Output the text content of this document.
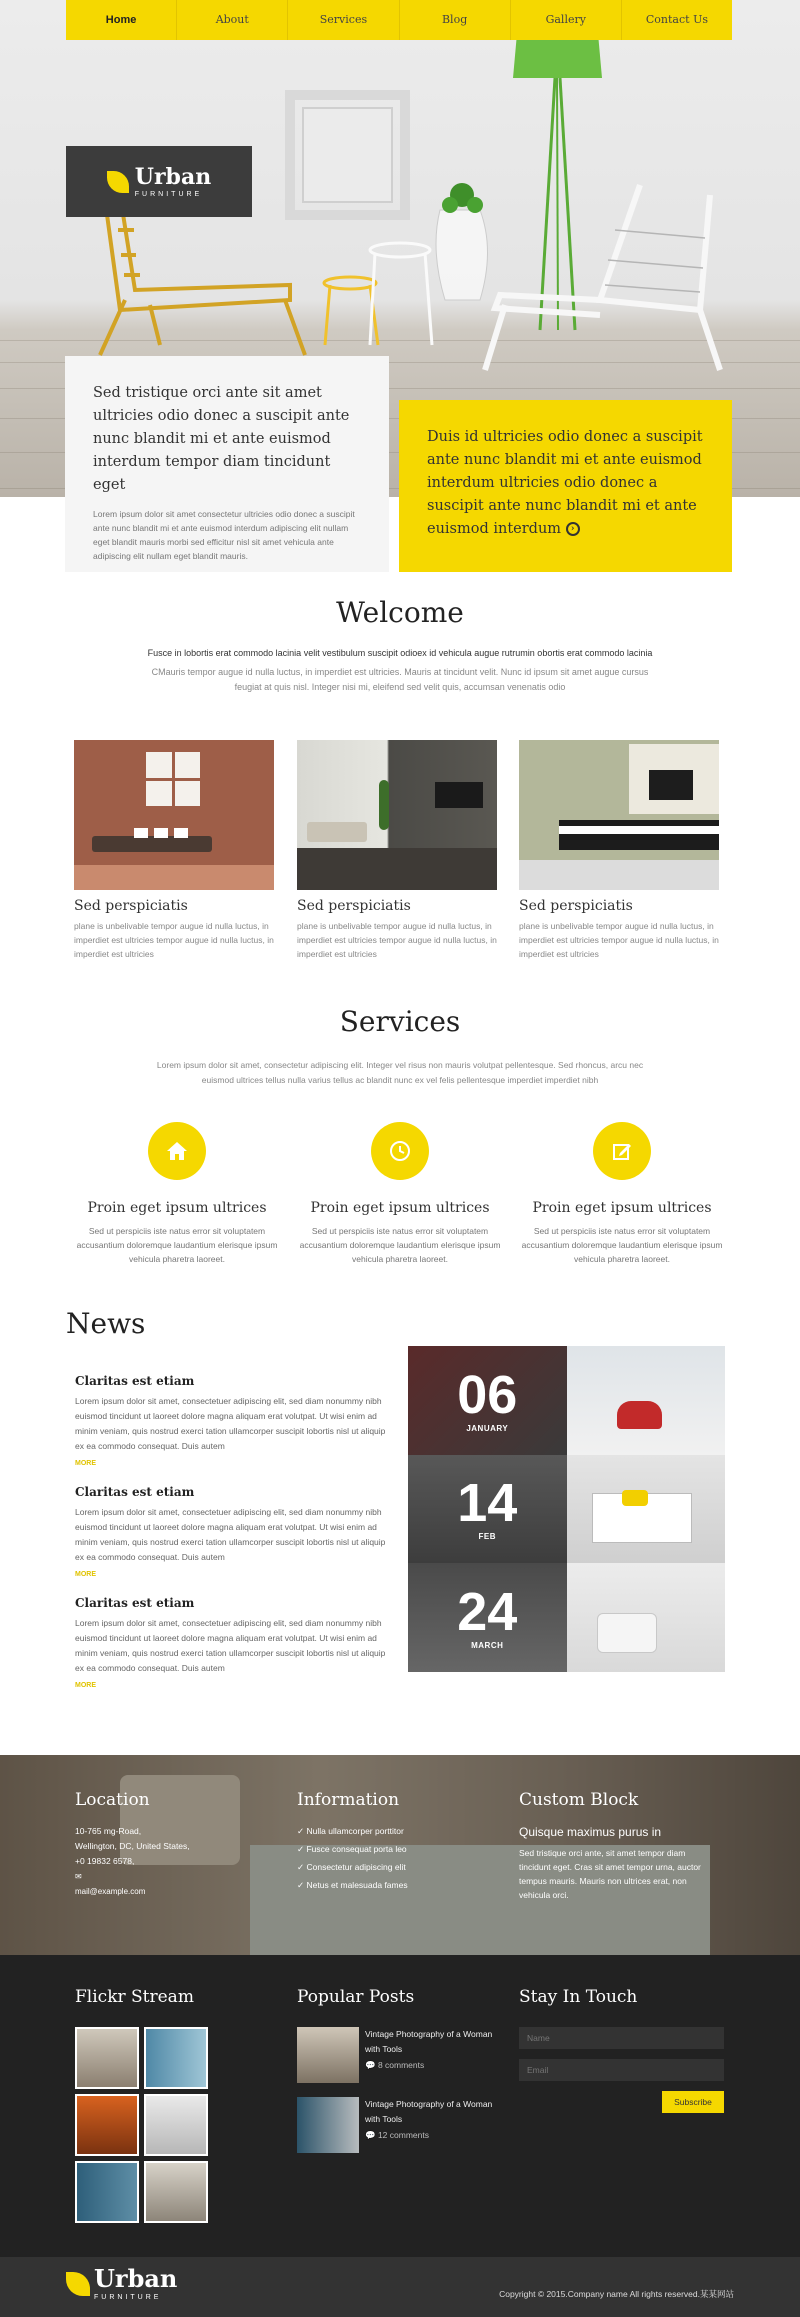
Home	About	Services	Blog	Gallery	Contact Us
Urban
FURNITURE
Sed tristique orci ante sit amet ultricies odio donec a suscipit ante nunc blandit mi et ante euismod interdum tempor diam tincidunt eget

Lorem ipsum dolor sit amet consectetur ultricies odio donec a suscipit ante nunc blandit mi et ante euismod interdum adipiscing elit nullam eget blandit mauris morbi sed efficitur nisl sit amet vehicula ante adipiscing elit nullam eget blandit mauris.

Duis id ultricies odio donec a suscipit ante nunc blandit mi et ante euismod interdum ultricies odio donec a suscipit ante nunc blandit mi et ante euismod interdum ›
Welcome

Fusce in lobortis erat commodo lacinia velit vestibulum suscipit odioex id vehicula augue rutrumin obortis erat commodo lacinia

CMauris tempor augue id nulla luctus, in imperdiet est ultricies. Mauris at tincidunt velit. Nunc id ipsum sit amet augue cursus feugiat at quis nisl. Integer nisi mi, eleifend sed velit quis, accumsan venenatis odio

Sed perspiciatis

plane is unbelivable tempor augue id nulla luctus, in imperdiet est ultricies tempor augue id nulla luctus, in imperdiet est ultricies

Sed perspiciatis

plane is unbelivable tempor augue id nulla luctus, in imperdiet est ultricies tempor augue id nulla luctus, in imperdiet est ultricies

Sed perspiciatis

plane is unbelivable tempor augue id nulla luctus, in imperdiet est ultricies tempor augue id nulla luctus, in imperdiet est ultricies

Services

Lorem ipsum dolor sit amet, consectetur adipiscing elit. Integer vel risus non mauris volutpat pellentesque. Sed rhoncus, arcu nec euismod ultrices tellus nulla varius tellus ac blandit nunc ex vel felis pellentesque imperdiet imperdiet nibh

Proin eget ipsum ultrices

Sed ut perspiciis iste natus error sit voluptatem accusantium doloremque laudantium elerisque ipsum vehicula pharetra laoreet.

Proin eget ipsum ultrices

Sed ut perspiciis iste natus error sit voluptatem accusantium doloremque laudantium elerisque ipsum vehicula pharetra laoreet.

Proin eget ipsum ultrices

Sed ut perspiciis iste natus error sit voluptatem accusantium doloremque laudantium elerisque ipsum vehicula pharetra laoreet.

News
Claritas est etiam

Lorem ipsum dolor sit amet, consectetuer adipiscing elit, sed diam nonummy nibh euismod tincidunt ut laoreet dolore magna aliquam erat volutpat. Ut wisi enim ad minim veniam, quis nostrud exerci tation ullamcorper suscipit lobortis nisl ut aliquip ex ea commodo consequat. Duis autem

MORE
Claritas est etiam

Lorem ipsum dolor sit amet, consectetuer adipiscing elit, sed diam nonummy nibh euismod tincidunt ut laoreet dolore magna aliquam erat volutpat. Ut wisi enim ad minim veniam, quis nostrud exerci tation ullamcorper suscipit lobortis nisl ut aliquip ex ea commodo consequat. Duis autem

MORE
Claritas est etiam

Lorem ipsum dolor sit amet, consectetuer adipiscing elit, sed diam nonummy nibh euismod tincidunt ut laoreet dolore magna aliquam erat volutpat. Ut wisi enim ad minim veniam, quis nostrud exerci tation ullamcorper suscipit lobortis nisl ut aliquip ex ea commodo consequat. Duis autem

MORE
06
JANUARY
14
FEB
24
MARCH
Location

10-765 mg-Road,

Wellington, DC, United States,

+0 19832 6578,

✉

mail@example.com

Information
✓ Nulla ullamcorper porttitor
✓ Fusce consequat porta leo
✓ Consectetur adipiscing elit
✓ Netus et malesuada fames
Custom Block

Quisque maximus purus in

Sed tristique orci ante, sit amet tempor diam tincidunt eget. Cras sit amet tempor urna, auctor tempus mauris. Mauris non ultrices erat, non vehicula orci.

Flickr Stream	Popular Posts
Vintage Photography of a Woman with Tools
💬 8 comments
Vintage Photography of a Woman with Tools
💬 12 comments
Stay In Touch
Name
Email Subscribe
Urban
FURNITURE	Copyright © 2015.Company name All rights reserved.某某网站
